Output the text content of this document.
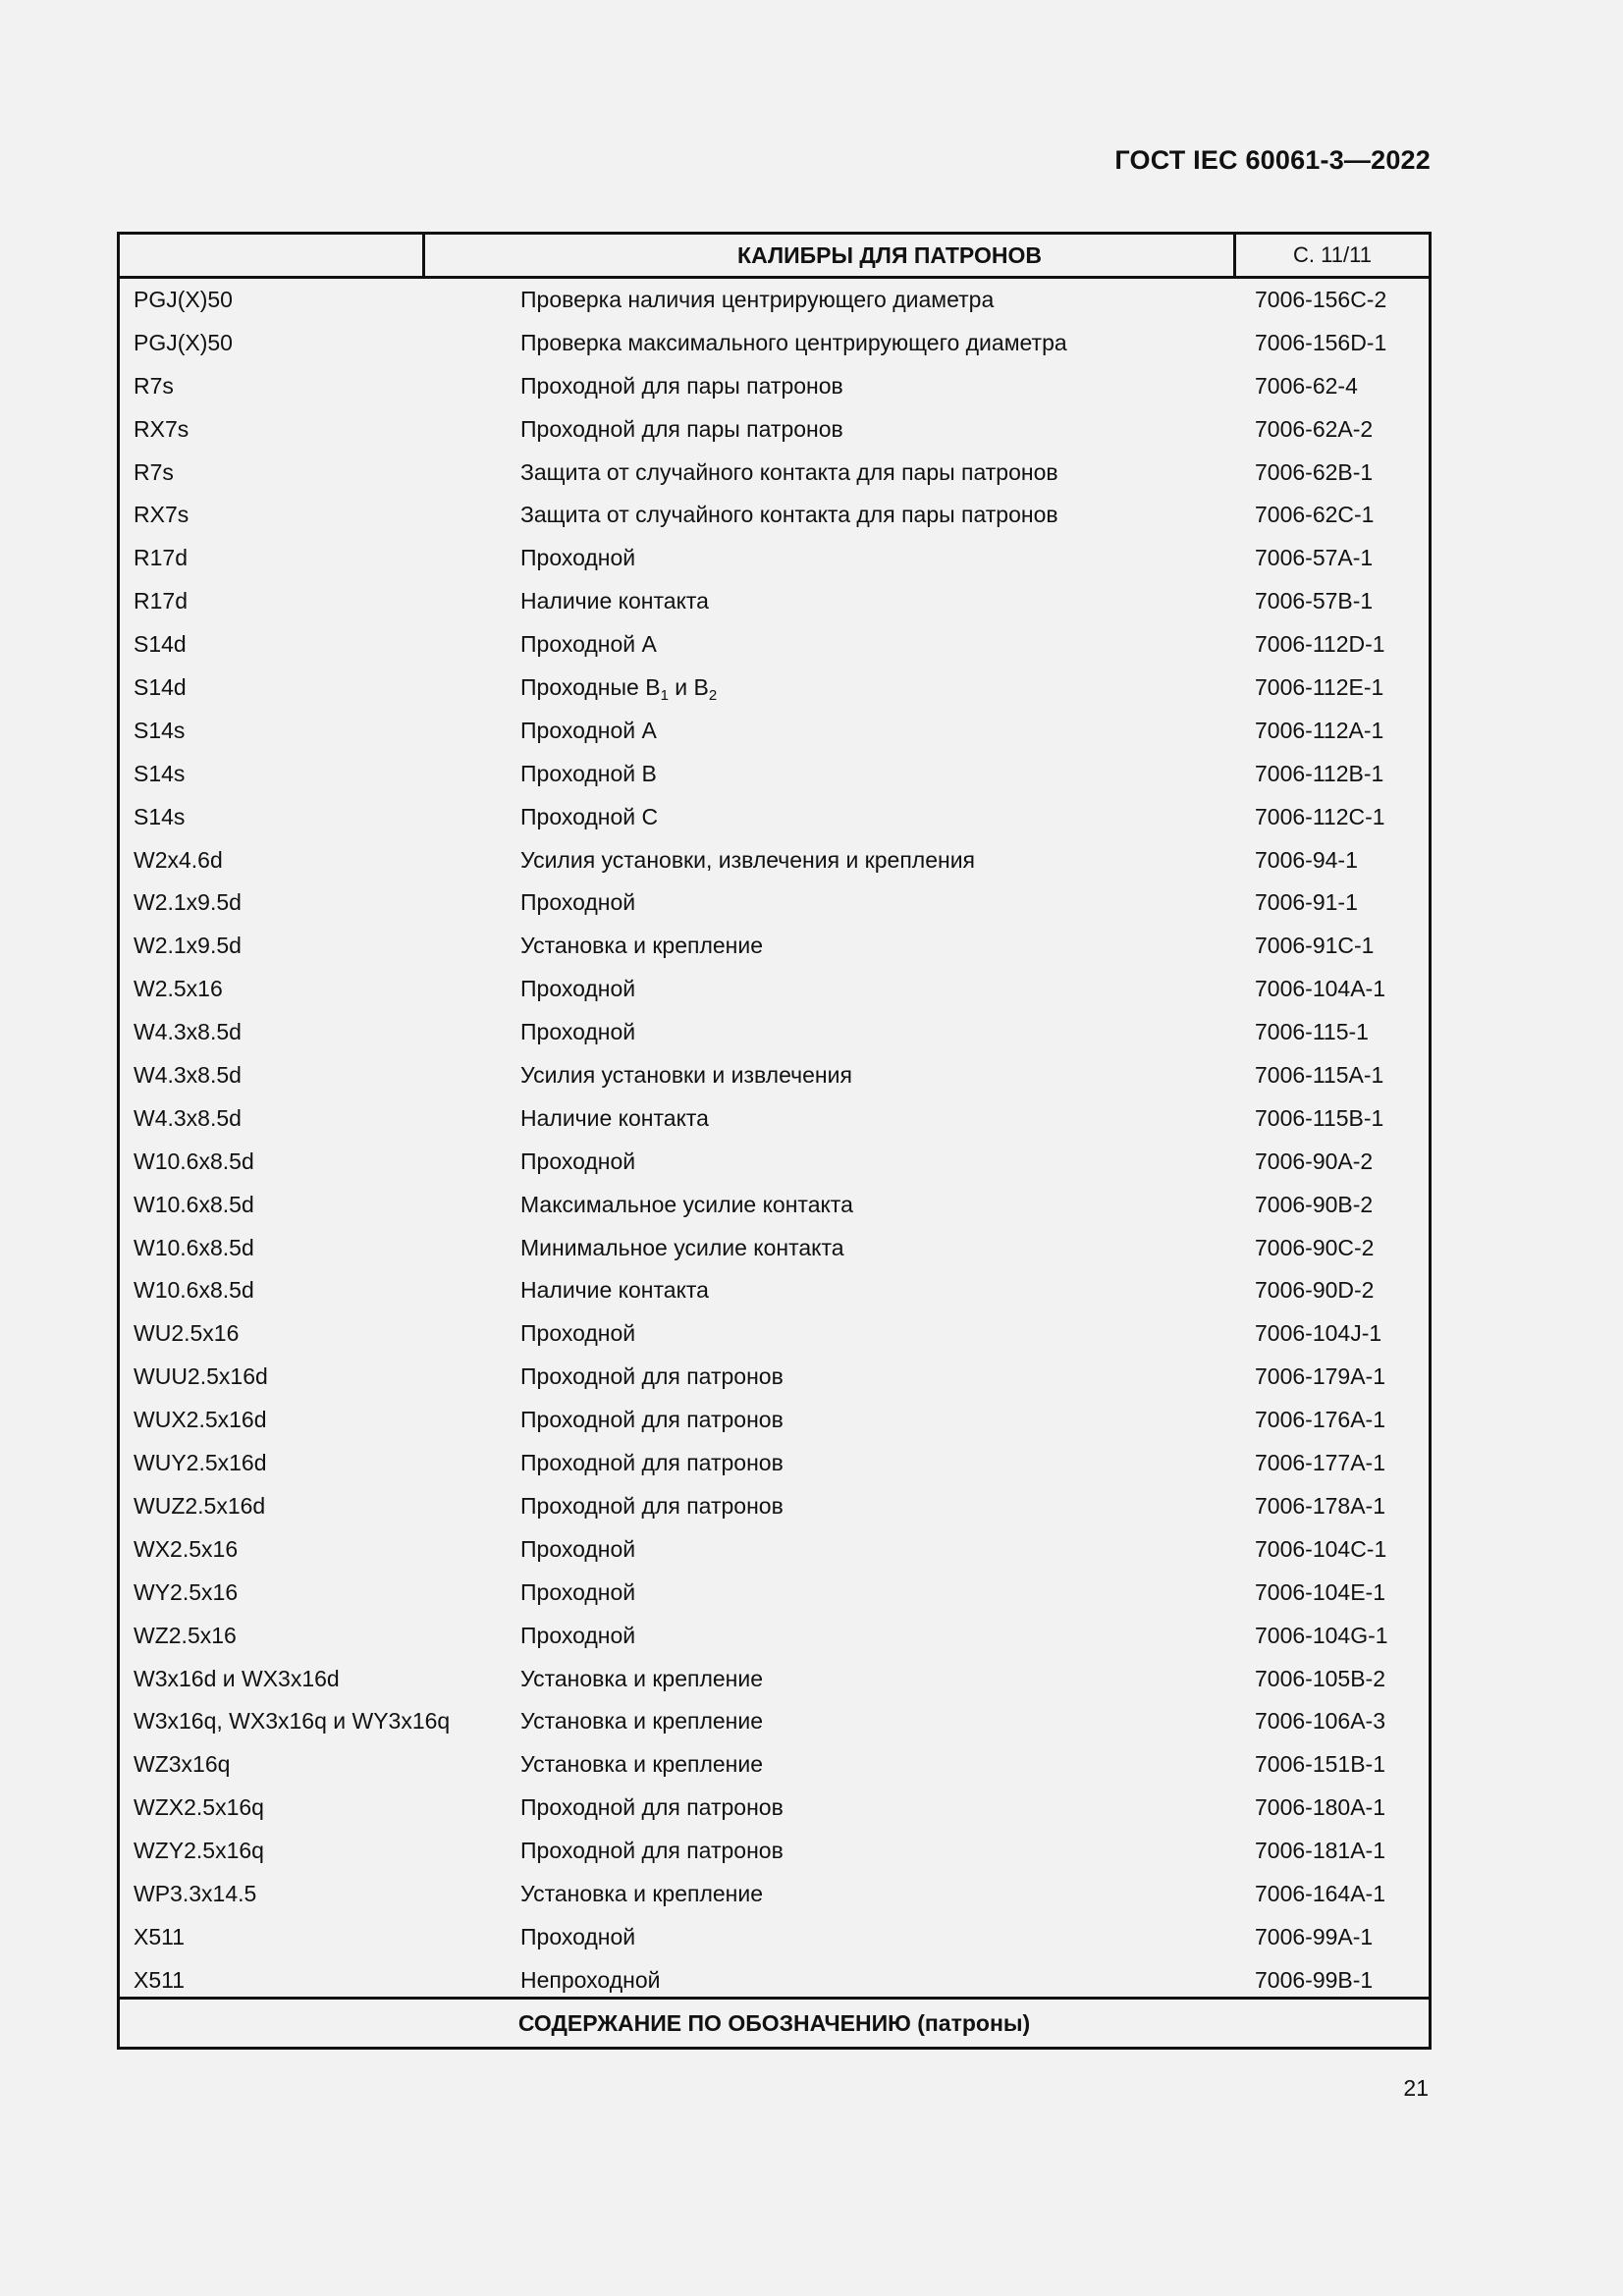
ГОСТ IEC 60061-3—2022
КАЛИБРЫ ДЛЯ ПАТРОНОВ	С. 11/11
PGJ(X)50	Проверка наличия центрирующего диаметра	7006-156C-2
PGJ(X)50	Проверка максимального центрирующего диаметра	7006-156D-1
R7s	Проходной для пары патронов	7006-62-4
RX7s	Проходной для пары патронов	7006-62A-2
R7s	Защита от случайного контакта для пары патронов	7006-62B-1
RX7s	Защита от случайного контакта для пары патронов	7006-62C-1
R17d	Проходной	7006-57A-1
R17d	Наличие контакта	7006-57B-1
S14d	Проходной А	7006-112D-1
S14d	Проходные $В_1$ и $В_2$	7006-112E-1
S14s	Проходной А	7006-112A-1
S14s	Проходной В	7006-112B-1
S14s	Проходной С	7006-112C-1
W2x4.6d	Усилия установки, извлечения и крепления	7006-94-1
W2.1x9.5d	Проходной	7006-91-1
W2.1x9.5d	Установка и крепление	7006-91C-1
W2.5x16	Проходной	7006-104A-1
W4.3x8.5d	Проходной	7006-115-1
W4.3x8.5d	Усилия установки и извлечения	7006-115A-1
W4.3x8.5d	Наличие контакта	7006-115B-1
W10.6x8.5d	Проходной	7006-90A-2
W10.6x8.5d	Максимальное усилие контакта	7006-90B-2
W10.6x8.5d	Минимальное усилие контакта	7006-90C-2
W10.6x8.5d	Наличие контакта	7006-90D-2
WU2.5x16	Проходной	7006-104J-1
WUU2.5x16d	Проходной для патронов	7006-179A-1
WUX2.5x16d	Проходной для патронов	7006-176A-1
WUY2.5x16d	Проходной для патронов	7006-177A-1
WUZ2.5x16d	Проходной для патронов	7006-178A-1
WX2.5x16	Проходной	7006-104C-1
WY2.5x16	Проходной	7006-104E-1
WZ2.5x16	Проходной	7006-104G-1
W3x16d и WX3x16d	Установка и крепление	7006-105B-2
W3x16q, WX3x16q и WY3x16q	Установка и крепление	7006-106A-3
WZ3x16q	Установка и крепление	7006-151B-1
WZX2.5x16q	Проходной для патронов	7006-180A-1
WZY2.5x16q	Проходной для патронов	7006-181A-1
WP3.3x14.5	Установка и крепление	7006-164A-1
X511	Проходной	7006-99A-1
X511	Непроходной	7006-99B-1
СОДЕРЖАНИЕ ПО ОБОЗНАЧЕНИЮ (патроны)
21
